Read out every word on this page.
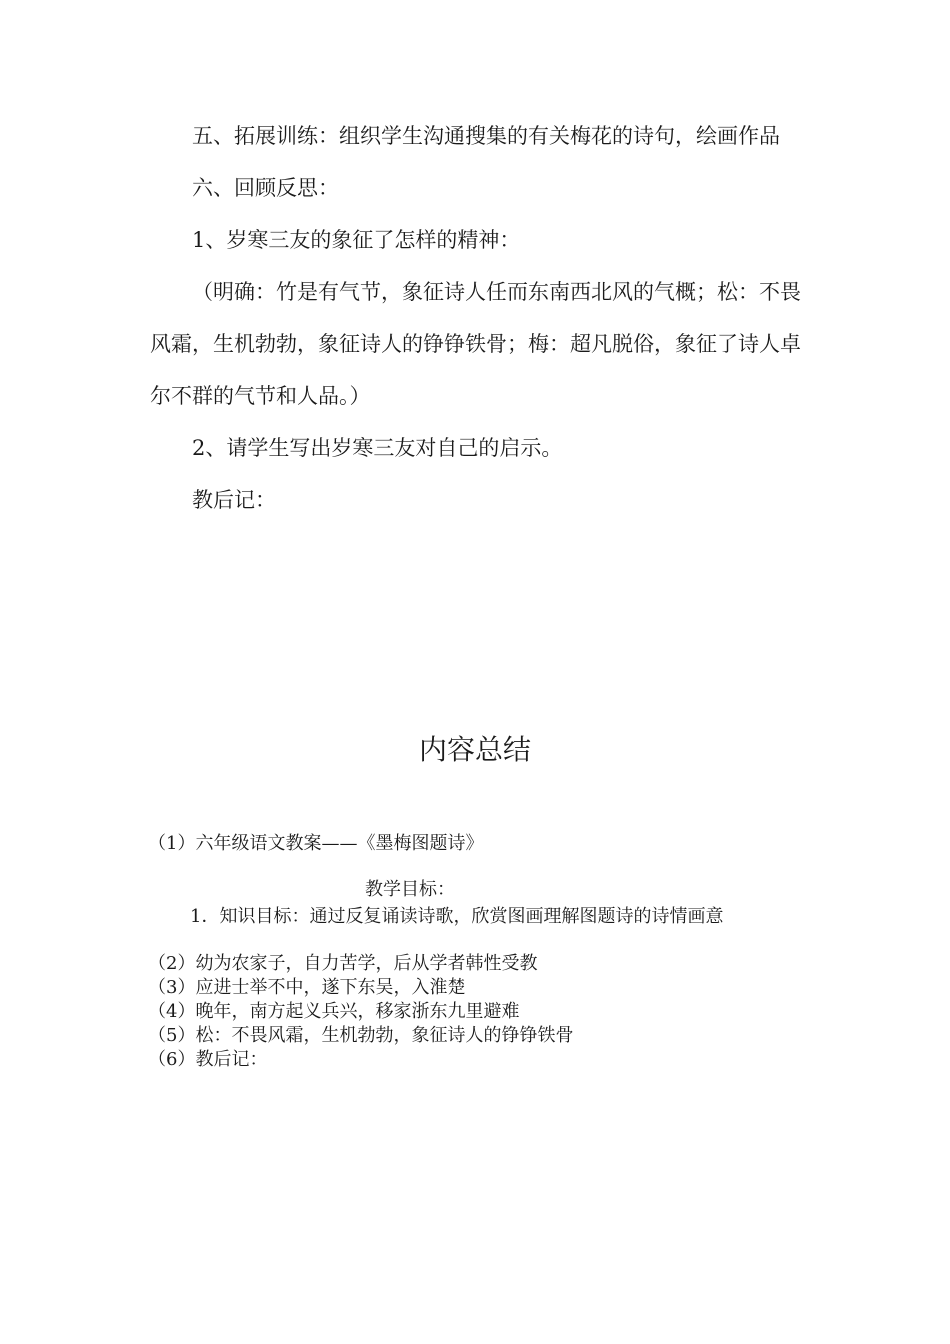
五、拓展训练：组织学生沟通搜集的有关梅花的诗句，绘画作品

六、回顾反思：

1、岁寒三友的象征了怎样的精神：

（明确：竹是有气节，象征诗人任而东南西北风的气概；松：不畏风霜，生机勃勃，象征诗人的铮铮铁骨；梅：超凡脱俗，象征了诗人卓尔不群的气节和人品。）

2、请学生写出岁寒三友对自己的启示。

教后记：

内容总结

（1）六年级语文教案——《墨梅图题诗》

教学目标：

1．知识目标：通过反复诵读诗歌，欣赏图画理解图题诗的诗情画意

（2）幼为农家子，自力苦学，后从学者韩性受教

（3）应进士举不中，遂下东吴，入淮楚

（4）晚年，南方起义兵兴，移家浙东九里避难

（5）松：不畏风霜，生机勃勃，象征诗人的铮铮铁骨

（6）教后记：
